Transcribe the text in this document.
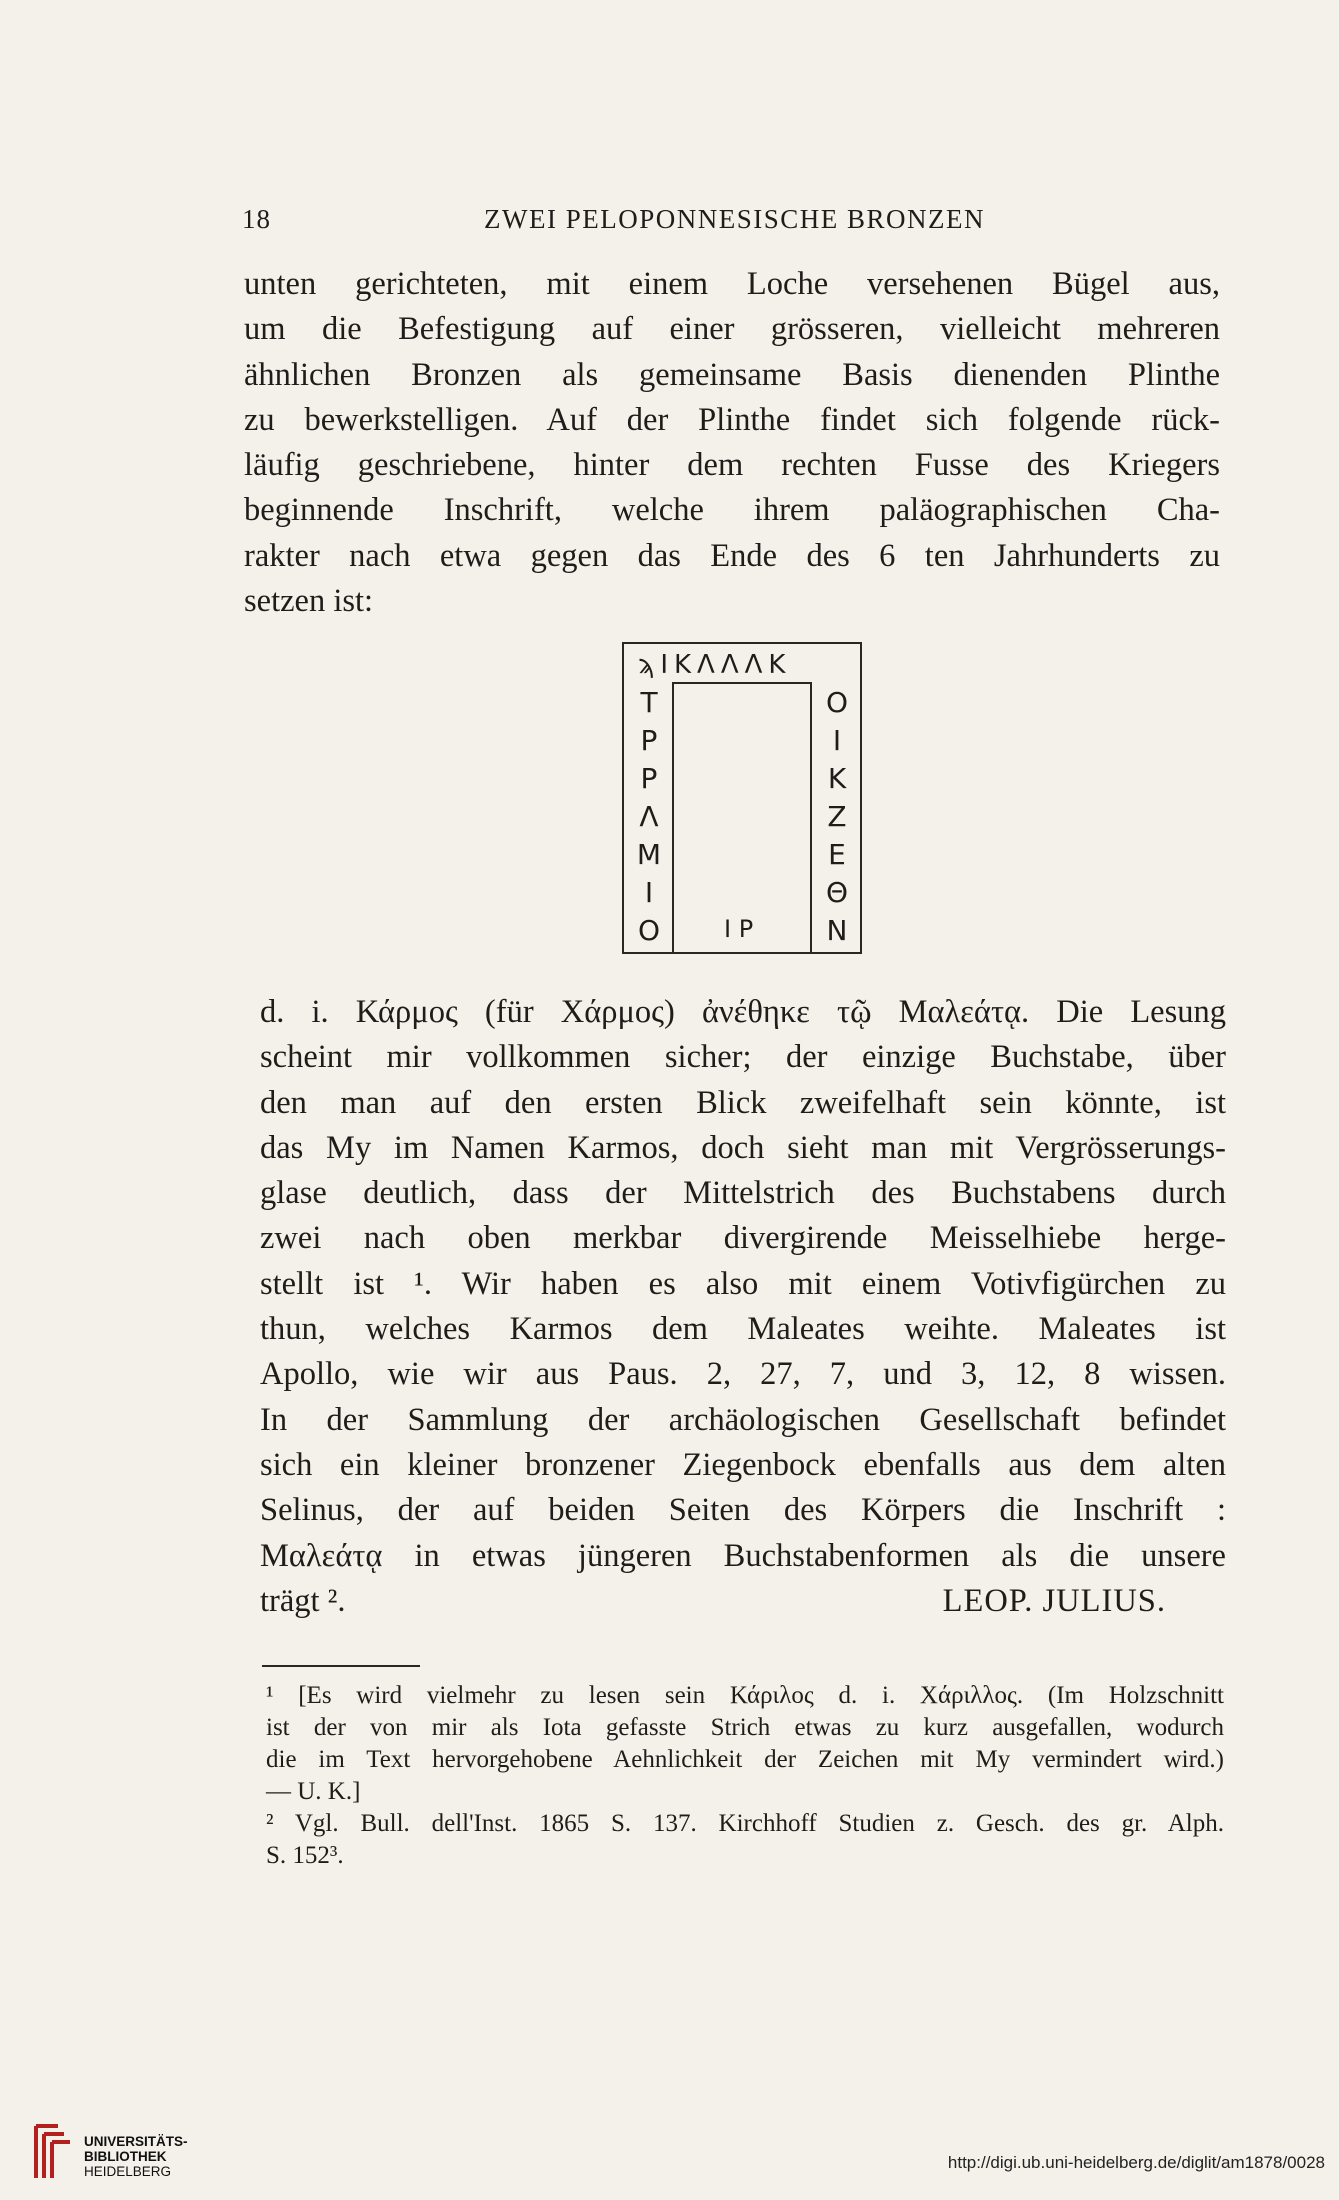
18	ZWEI PELOPONNESISCHE BRONZEN
unten gerichteten, mit einem Loche versehenen Bügel aus,
um die Befestigung auf einer grösseren, vielleicht mehreren
ähnlichen Bronzen als gemeinsame Basis dienenden Plinthe
zu bewerkstelligen. Auf der Plinthe findet sich folgende rück-
läufig geschriebene, hinter dem rechten Fusse des Kriegers
beginnende Inschrift, welche ihrem paläographischen Cha-
rakter nach etwa gegen das Ende des 6 ten Jahrhunderts zu
setzen ist:
ϡΙΚΛΛΛΚ
Τ
Ρ
Ρ
Λ
Μ
Ι
Ο
Ο
Ι
Κ
Ζ
Ε
Θ
Ν
Ι Ρ
d. i. Κάρμος (für Χάρμος) ἀνέθηκε τῷ Μαλεάτᾳ. Die Lesung
scheint mir vollkommen sicher; der einzige Buchstabe, über
den man auf den ersten Blick zweifelhaft sein könnte, ist
das My im Namen Karmos, doch sieht man mit Vergrösserungs-
glase deutlich, dass der Mittelstrich des Buchstabens durch
zwei nach oben merkbar divergirende Meisselhiebe herge-
stellt ist ¹. Wir haben es also mit einem Votivfigürchen zu
thun, welches Karmos dem Maleates weihte. Maleates ist
Apollo, wie wir aus Paus. 2, 27, 7, und 3, 12, 8 wissen.
In der Sammlung der archäologischen Gesellschaft befindet
sich ein kleiner bronzener Ziegenbock ebenfalls aus dem alten
Selinus, der auf beiden Seiten des Körpers die Inschrift :
Μαλεάτᾳ in etwas jüngeren Buchstabenformen als die unsere
trägt ².	LEOP. JULIUS.
¹ [Es wird vielmehr zu lesen sein Κάριλος d. i. Χάριλλος. (Im Holzschnitt
ist der von mir als Iota gefasste Strich etwas zu kurz ausgefallen, wodurch
die im Text hervorgehobene Aehnlichkeit der Zeichen mit My vermindert wird.)
— U. K.]
² Vgl. Bull. dell'Inst. 1865 S. 137. Kirchhoff Studien z. Gesch. des gr. Alph.
S. 152³.
UNIVERSITÄTS-
BIBLIOTHEK
HEIDELBERG	http://digi.ub.uni-heidelberg.de/diglit/am1878/0028
